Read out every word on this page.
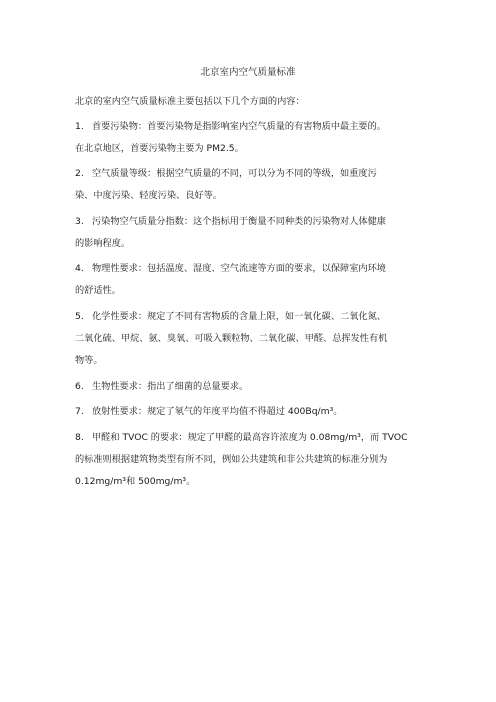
北京室内空气质量标准
北京的室内空气质量标准主要包括以下几个方面的内容：
1. 首要污染物：首要污染物是指影响室内空气质量的有害物质中最主要的。
在北京地区，首要污染物主要为 PM2.5。
2. 空气质量等级：根据空气质量的不同，可以分为不同的等级，如重度污
染、中度污染、轻度污染、良好等。
3. 污染物空气质量分指数：这个指标用于衡量不同种类的污染物对人体健康
的影响程度。
4. 物理性要求：包括温度、湿度、空气流速等方面的要求，以保障室内环境
的舒适性。
5. 化学性要求：规定了不同有害物质的含量上限，如一氧化碳、二氧化氮、
二氧化硫、甲烷、氨、臭氧、可吸入颗粒物、二氧化碳、甲醛、总挥发性有机
物等。
6. 生物性要求：指出了细菌的总量要求。
7. 放射性要求：规定了氡气的年度平均值不得超过 400Bq/m³。
8. 甲醛和 TVOC 的要求：规定了甲醛的最高容许浓度为 0.08mg/m³，而 TVOC
的标准则根据建筑物类型有所不同，例如公共建筑和非公共建筑的标准分别为
0.12mg/m³和 500mg/m³。
